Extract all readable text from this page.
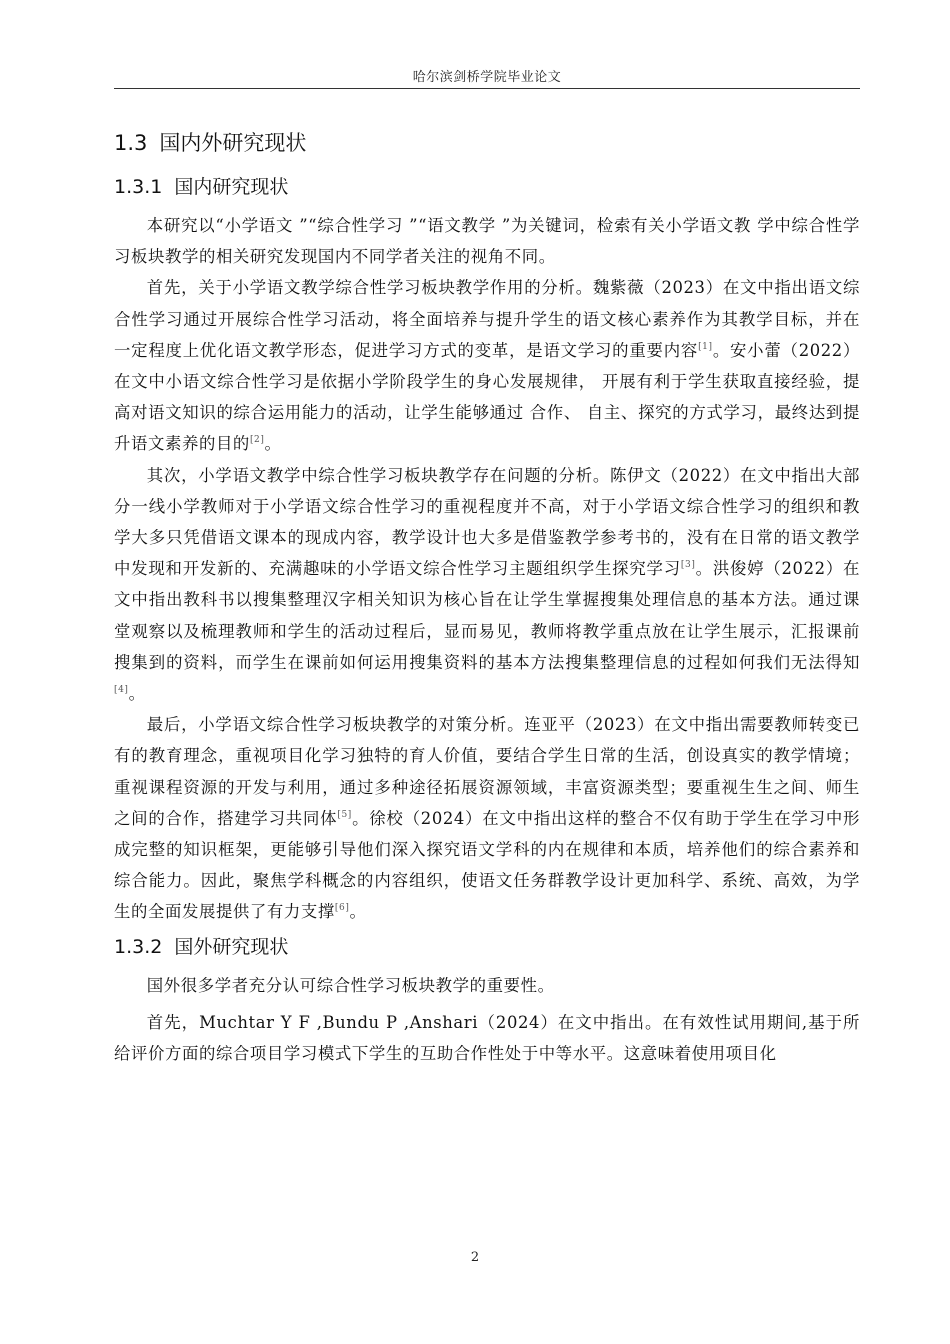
哈尔滨剑桥学院毕业论文
1.3 国内外研究现状
1.3.1 国内研究现状

本研究以“小学语文 ”“综合性学习 ”“语文教学 ”为关键词，检索有关小学语文教 学中综合性学习板块教学的相关研究发现国内不同学者关注的视角不同。

首先，关于小学语文教学综合性学习板块教学作用的分析。魏紫薇（2023）在文中指出语文综合性学习通过开展综合性学习活动，将全面培养与提升学生的语文核心素养作为其教学目标，并在一定程度上优化语文教学形态，促进学习方式的变革，是语文学习的重要内容[1]。安小蕾（2022）在文中小语文综合性学习是依据小学阶段学生的身心发展规律， 开展有利于学生获取直接经验，提高对语文知识的综合运用能力的活动，让学生能够通过 合作、 自主、探究的方式学习，最终达到提升语文素养的目的[2]。

其次，小学语文教学中综合性学习板块教学存在问题的分析。陈伊文（2022）在文中指出大部分一线小学教师对于小学语文综合性学习的重视程度并不高，对于小学语文综合性学习的组织和教学大多只凭借语文课本的现成内容，教学设计也大多是借鉴教学参考书的，没有在日常的语文教学中发现和开发新的、充满趣味的小学语文综合性学习主题组织学生探究学习[3]。洪俊婷（2022）在文中指出教科书以搜集整理汉字相关知识为核心旨在让学生掌握搜集处理信息的基本方法。通过课堂观察以及梳理教师和学生的活动过程后，显而易见，教师将教学重点放在让学生展示，汇报课前搜集到的资料，而学生在课前如何运用搜集资料的基本方法搜集整理信息的过程如何我们无法得知[4]。

最后，小学语文综合性学习板块教学的对策分析。连亚平（2023）在文中指出需要教师转变已有的教育理念，重视项目化学习独特的育人价值，要结合学生日常的生活，创设真实的教学情境；重视课程资源的开发与利用，通过多种途径拓展资源领域，丰富资源类型；要重视生生之间、师生之间的合作，搭建学习共同体[5]。徐校（2024）在文中指出这样的整合不仅有助于学生在学习中形成完整的知识框架，更能够引导他们深入探究语文学科的内在规律和本质，培养他们的综合素养和综合能力。因此，聚焦学科概念的内容组织，使语文任务群教学设计更加科学、系统、高效，为学生的全面发展提供了有力支撑[6]。

1.3.2 国外研究现状

国外很多学者充分认可综合性学习板块教学的重要性。

首先，Muchtar Y F ,Bundu P ,Anshari（2024）在文中指出。在有效性试用期间,基于所给评价方面的综合项目学习模式下学生的互助合作性处于中等水平。这意味着使用项目化

2
